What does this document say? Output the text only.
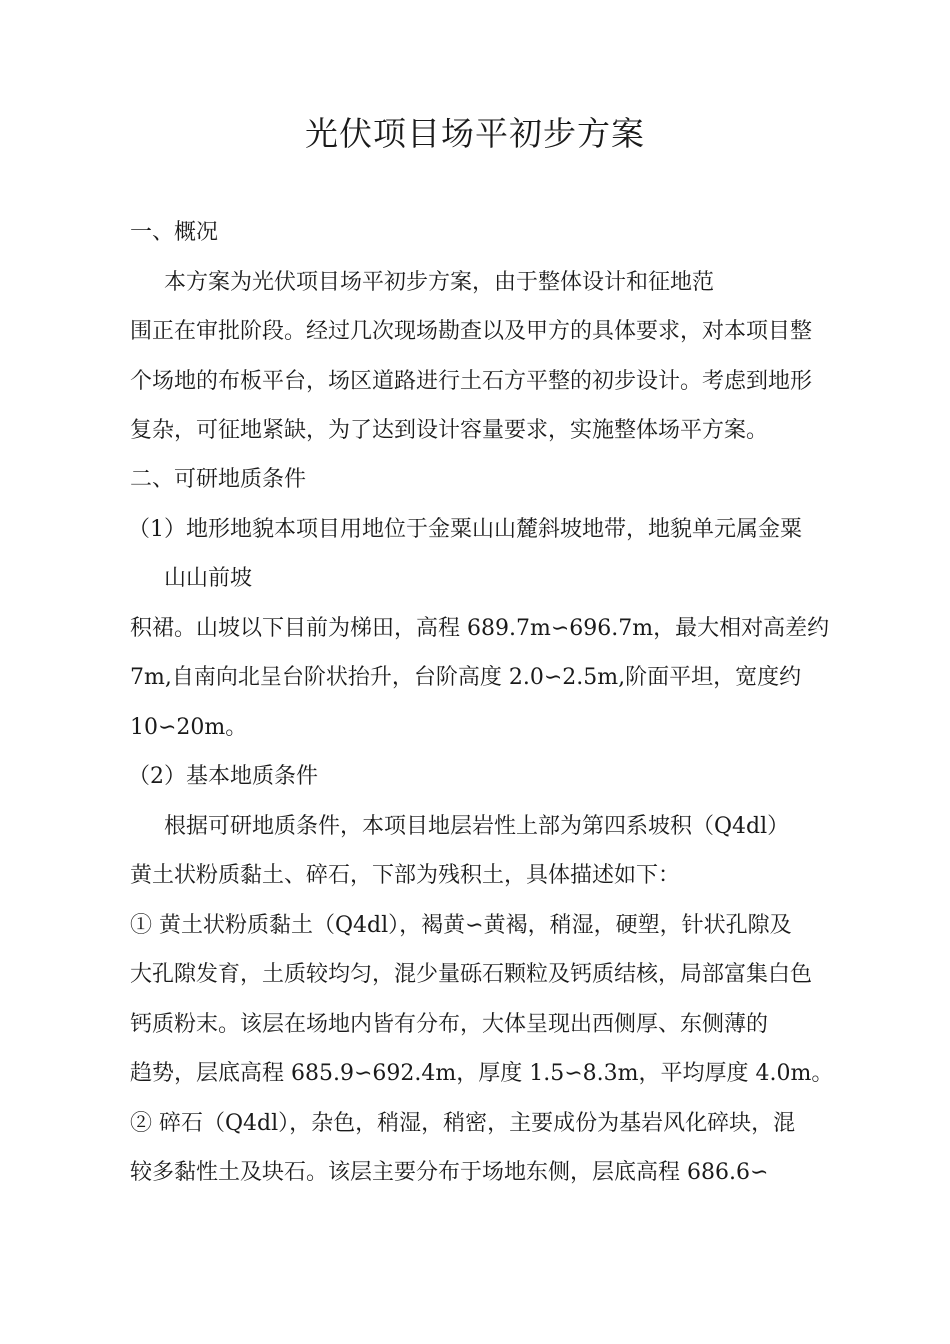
光伏项目场平初步方案

一、概况

本方案为光伏项目场平初步方案，由于整体设计和征地范

围正在审批阶段。经过几次现场勘查以及甲方的具体要求，对本项目整

个场地的布板平台，场区道路进行土石方平整的初步设计。考虑到地形

复杂，可征地紧缺，为了达到设计容量要求，实施整体场平方案。

二、可研地质条件

（1）地形地貌本项目用地位于金粟山山麓斜坡地带，地貌单元属金粟

山山前坡

积裙。山坡以下目前为梯田，高程 689.7m∽696.7m，最大相对高差约

7m,自南向北呈台阶状抬升，台阶高度 2.0∽2.5m,阶面平坦，宽度约

10∽20m。

（2）基本地质条件

根据可研地质条件，本项目地层岩性上部为第四系坡积（Q4dl）

黄土状粉质黏土、碎石，下部为残积土，具体描述如下：

① 黄土状粉质黏土（Q4dl），褐黄∽黄褐，稍湿，硬塑，针状孔隙及

大孔隙发育，土质较均匀，混少量砾石颗粒及钙质结核，局部富集白色

钙质粉末。该层在场地内皆有分布，大体呈现出西侧厚、东侧薄的

趋势，层底高程 685.9∽692.4m，厚度 1.5∽8.3m，平均厚度 4.0m。

② 碎石（Q4dl），杂色，稍湿，稍密，主要成份为基岩风化碎块，混

较多黏性土及块石。该层主要分布于场地东侧，层底高程 686.6∽
